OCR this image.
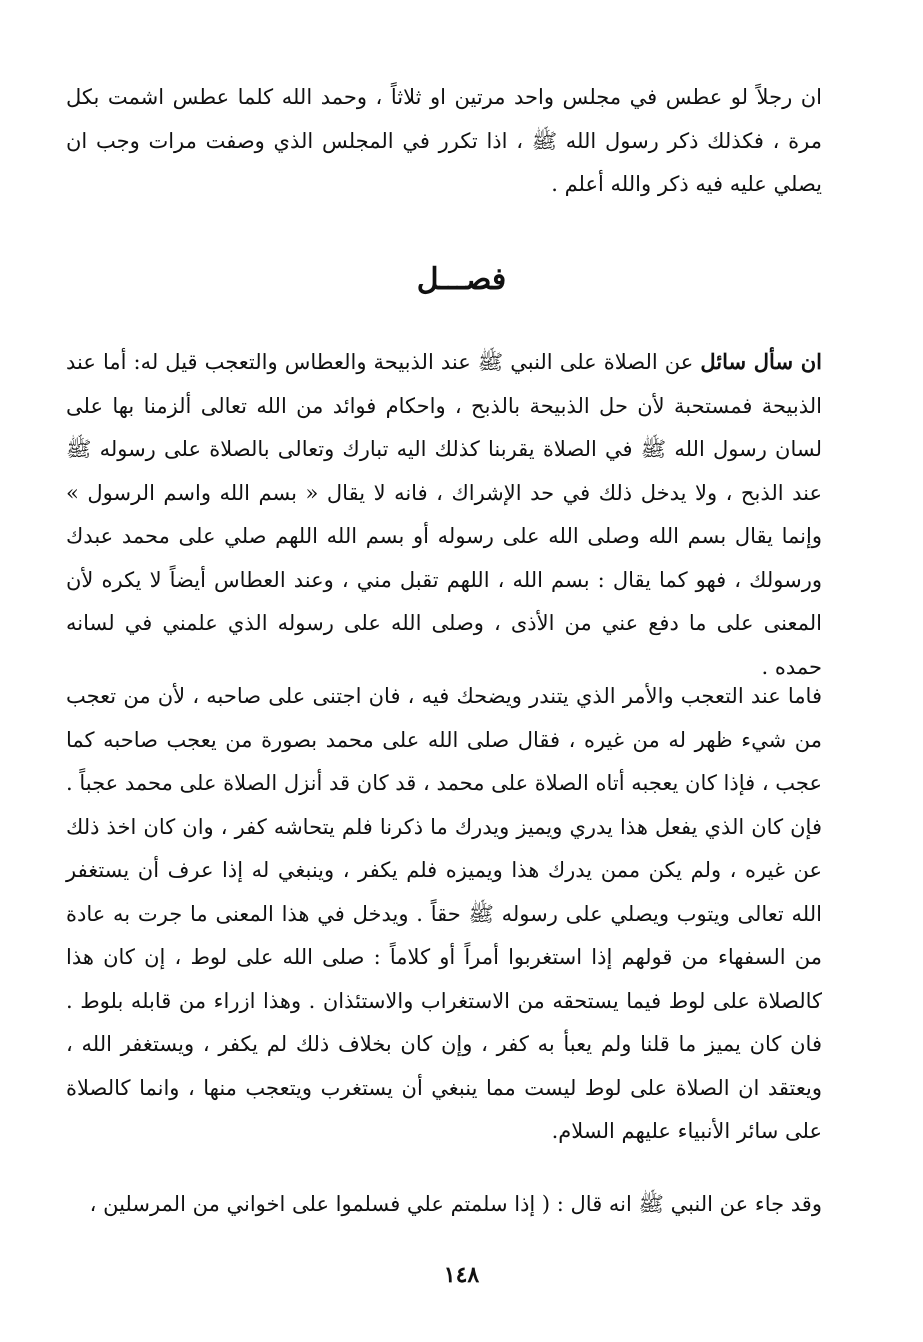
ان رجلاً لو عطس في مجلس واحد مرتين او ثلاثاً ، وحمد الله كلما عطس اشمت بكل مرة ، فكذلك ذكر رسول الله ﷺ ، اذا تكرر في المجلس الذي وصفت مرات وجب ان يصلي عليه فيه ذكر والله أعلم .

فصـــل

ان سأل سائل عن الصلاة على النبي ﷺ عند الذبيحة والعطاس والتعجب قيل له: أما عند الذبيحة فمستحبة لأن حل الذبيحة بالذبح ، واحكام فوائد من الله تعالى ألزمنا بها على لسان رسول الله ﷺ في الصلاة يقربنا كذلك اليه تبارك وتعالى بالصلاة على رسوله ﷺ عند الذبح ، ولا يدخل ذلك في حد الإشراك ، فانه لا يقال « بسم الله واسم الرسول » وإنما يقال بسم الله وصلى الله على رسوله أو بسم الله اللهم صلي على محمد عبدك ورسولك ، فهو كما يقال : بسم الله ، اللهم تقبل مني ، وعند العطاس أيضاً لا يكره لأن المعنى على ما دفع عني من الأذى ، وصلى الله على رسوله الذي علمني في لسانه حمده .

فاما عند التعجب والأمر الذي يتندر ويضحك فيه ، فان اجتنى على صاحبه ، لأن من تعجب من شيء ظهر له من غيره ، فقال صلى الله على محمد بصورة من يعجب صاحبه كما عجب ، فإذا كان يعجبه أتاه الصلاة على محمد ، قد كان قد أنزل الصلاة على محمد عجباً . فإن كان الذي يفعل هذا يدري ويميز ويدرك ما ذكرنا فلم يتحاشه كفر ، وان كان اخذ ذلك عن غيره ، ولم يكن ممن يدرك هذا ويميزه فلم يكفر ، وينبغي له إذا عرف أن يستغفر الله تعالى ويتوب ويصلي على رسوله ﷺ حقاً . ويدخل في هذا المعنى ما جرت به عادة من السفهاء من قولهم إذا استغربوا أمراً أو كلاماً : صلى الله على لوط ، إن كان هذا كالصلاة على لوط فيما يستحقه من الاستغراب والاستئذان . وهذا ازراء من قابله بلوط . فان كان يميز ما قلنا ولم يعبأ به كفر ، وإن كان بخلاف ذلك لم يكفر ، ويستغفر الله ، ويعتقد ان الصلاة على لوط ليست مما ينبغي أن يستغرب ويتعجب منها ، وانما كالصلاة على سائر الأنبياء عليهم السلام.

وقد جاء عن النبي ﷺ انه قال : ( إذا سلمتم علي فسلموا على اخواني من المرسلين ،

١٤٨
